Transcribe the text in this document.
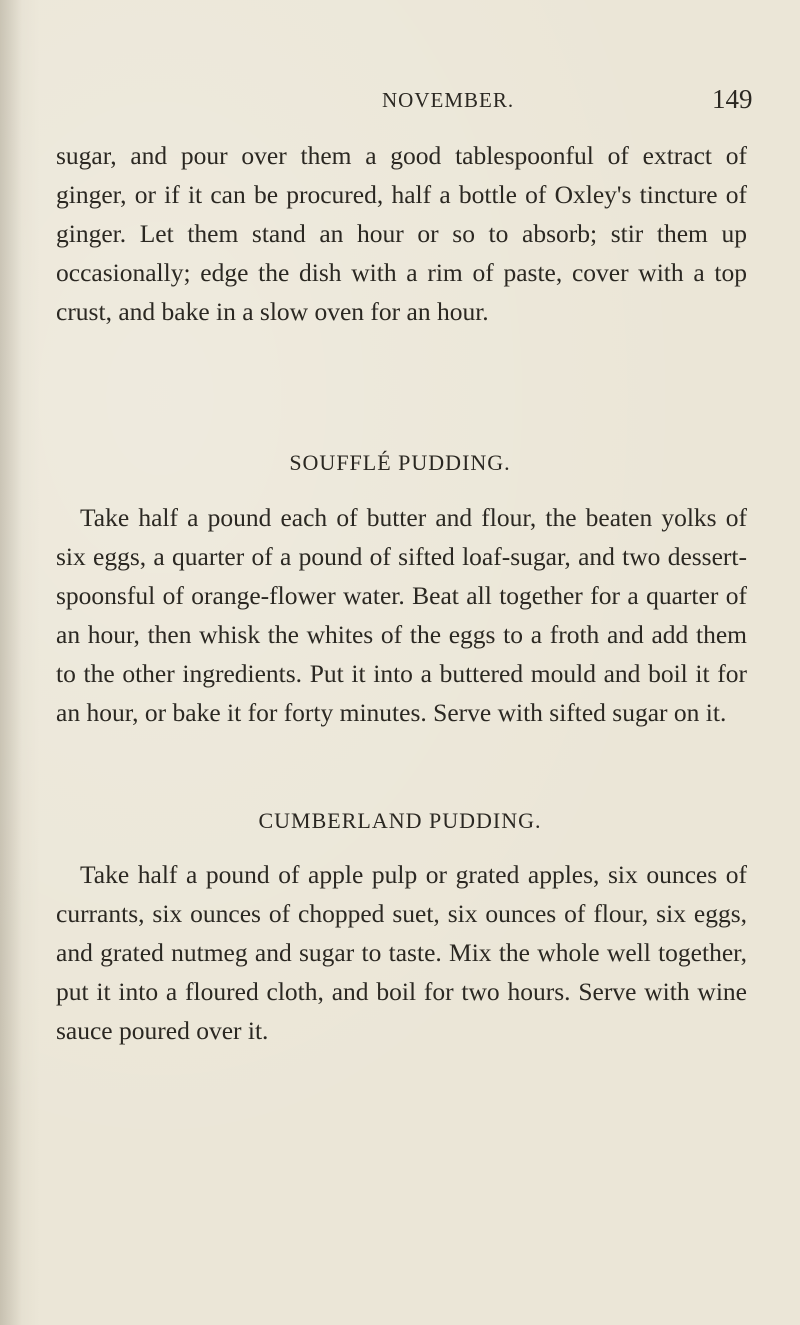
NOVEMBER.	149

sugar, and pour over them a good tablespoonful of extract of ginger, or if it can be procured, half a bottle of Oxley's tincture of ginger. Let them stand an hour or so to absorb; stir them up occasionally; edge the dish with a rim of paste, cover with a top crust, and bake in a slow oven for an hour.

SOUFFLÉ PUDDING.

Take half a pound each of butter and flour, the beaten yolks of six eggs, a quarter of a pound of sifted loaf-sugar, and two dessert-spoonsful of orange-flower water. Beat all together for a quarter of an hour, then whisk the whites of the eggs to a froth and add them to the other ingredients. Put it into a buttered mould and boil it for an hour, or bake it for forty minutes. Serve with sifted sugar on it.

CUMBERLAND PUDDING.

Take half a pound of apple pulp or grated apples, six ounces of currants, six ounces of chopped suet, six ounces of flour, six eggs, and grated nutmeg and sugar to taste. Mix the whole well together, put it into a floured cloth, and boil for two hours. Serve with wine sauce poured over it.
